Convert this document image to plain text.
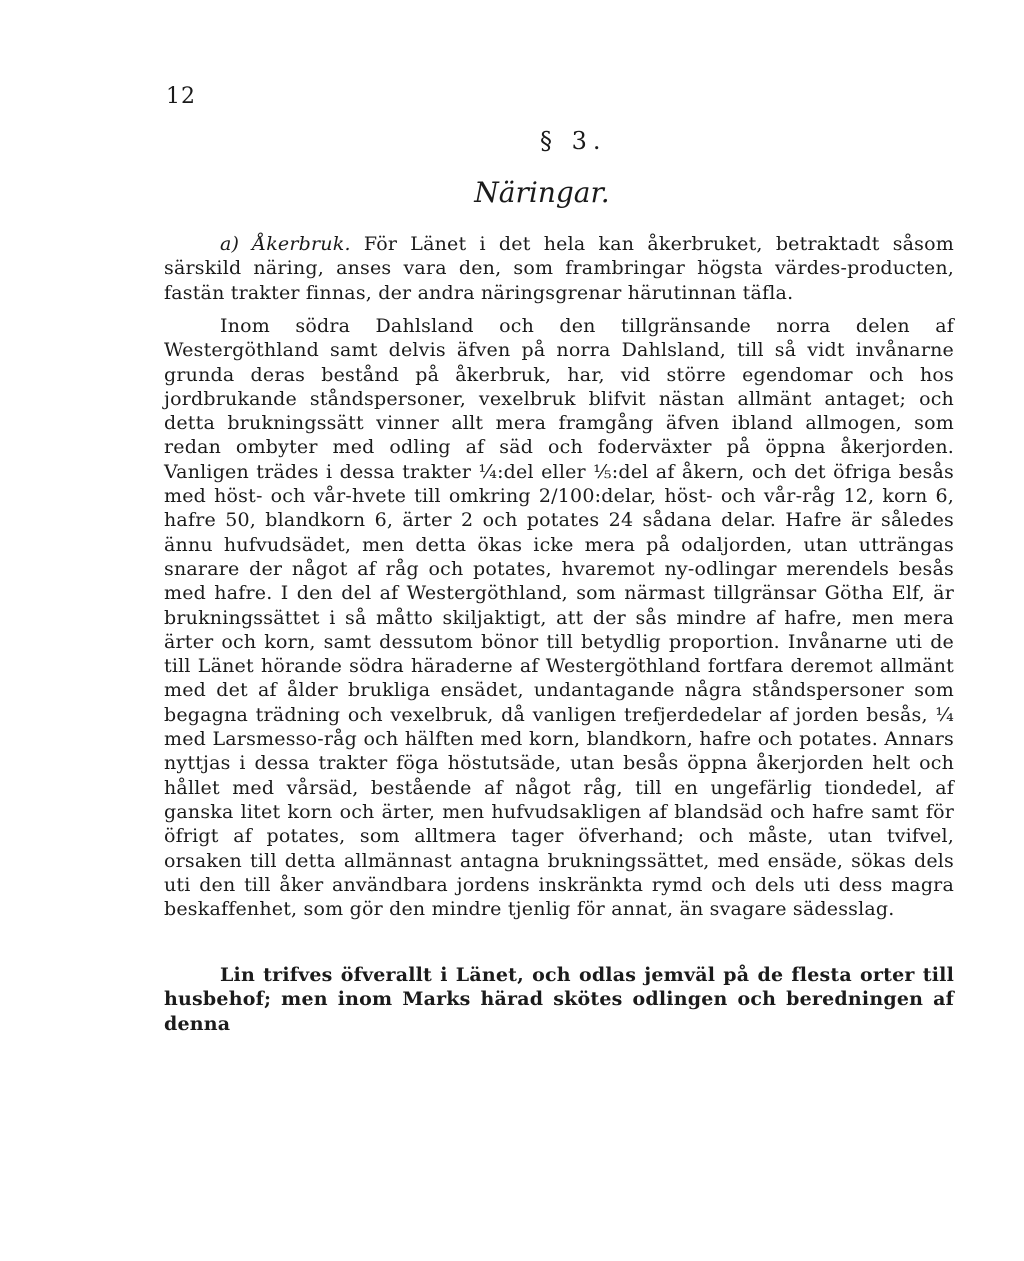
12
§ 3.
Näringar.

a) Åkerbruk. För Länet i det hela kan åkerbruket, betraktadt såsom särskild näring, anses vara den, som frambringar högsta värdes-producten, fastän trakter finnas, der andra näringsgrenar härutinnan täfla.

Inom södra Dahlsland och den tillgränsande norra delen af Westergöthland samt delvis äfven på norra Dahlsland, till så vidt invånarne grunda deras bestånd på åkerbruk, har, vid större egendomar och hos jordbrukande ståndspersoner, vexelbruk blifvit nästan allmänt antaget; och detta brukningssätt vinner allt mera framgång äfven ibland allmogen, som redan ombyter med odling af säd och foderväxter på öppna åkerjorden. Vanligen trädes i dessa trakter ¼:del eller ⅕:del af åkern, och det öfriga besås med höst- och vår-hvete till omkring 2/100:delar, höst- och vår-råg 12, korn 6, hafre 50, blandkorn 6, ärter 2 och potates 24 sådana delar. Hafre är således ännu hufvudsädet, men detta ökas icke mera på odaljorden, utan utträngas snarare der något af råg och potates, hvaremot ny-odlingar merendels besås med hafre. I den del af Westergöthland, som närmast tillgränsar Götha Elf, är brukningssättet i så måtto skiljaktigt, att der sås mindre af hafre, men mera ärter och korn, samt dessutom bönor till betydlig proportion. Invånarne uti de till Länet hörande södra häraderne af Westergöthland fortfara deremot allmänt med det af ålder brukliga ensädet, undantagande några ståndspersoner som begagna trädning och vexelbruk, då vanligen trefjerdedelar af jorden besås, ¼ med Larsmesso-råg och hälften med korn, blandkorn, hafre och potates. Annars nyttjas i dessa trakter föga höstutsäde, utan besås öppna åkerjorden helt och hållet med vårsäd, bestående af något råg, till en ungefärlig tiondedel, af ganska litet korn och ärter, men hufvudsakligen af blandsäd och hafre samt för öfrigt af potates, som alltmera tager öfverhand; och måste, utan tvifvel, orsaken till detta allmännast antagna brukningssättet, med ensäde, sökas dels uti den till åker användbara jordens inskränkta rymd och dels uti dess magra beskaffenhet, som gör den mindre tjenlig för annat, än svagare sädesslag.

Lin trifves öfverallt i Länet, och odlas jemväl på de flesta orter till husbehof; men inom Marks härad skötes odlingen och beredningen af denna
